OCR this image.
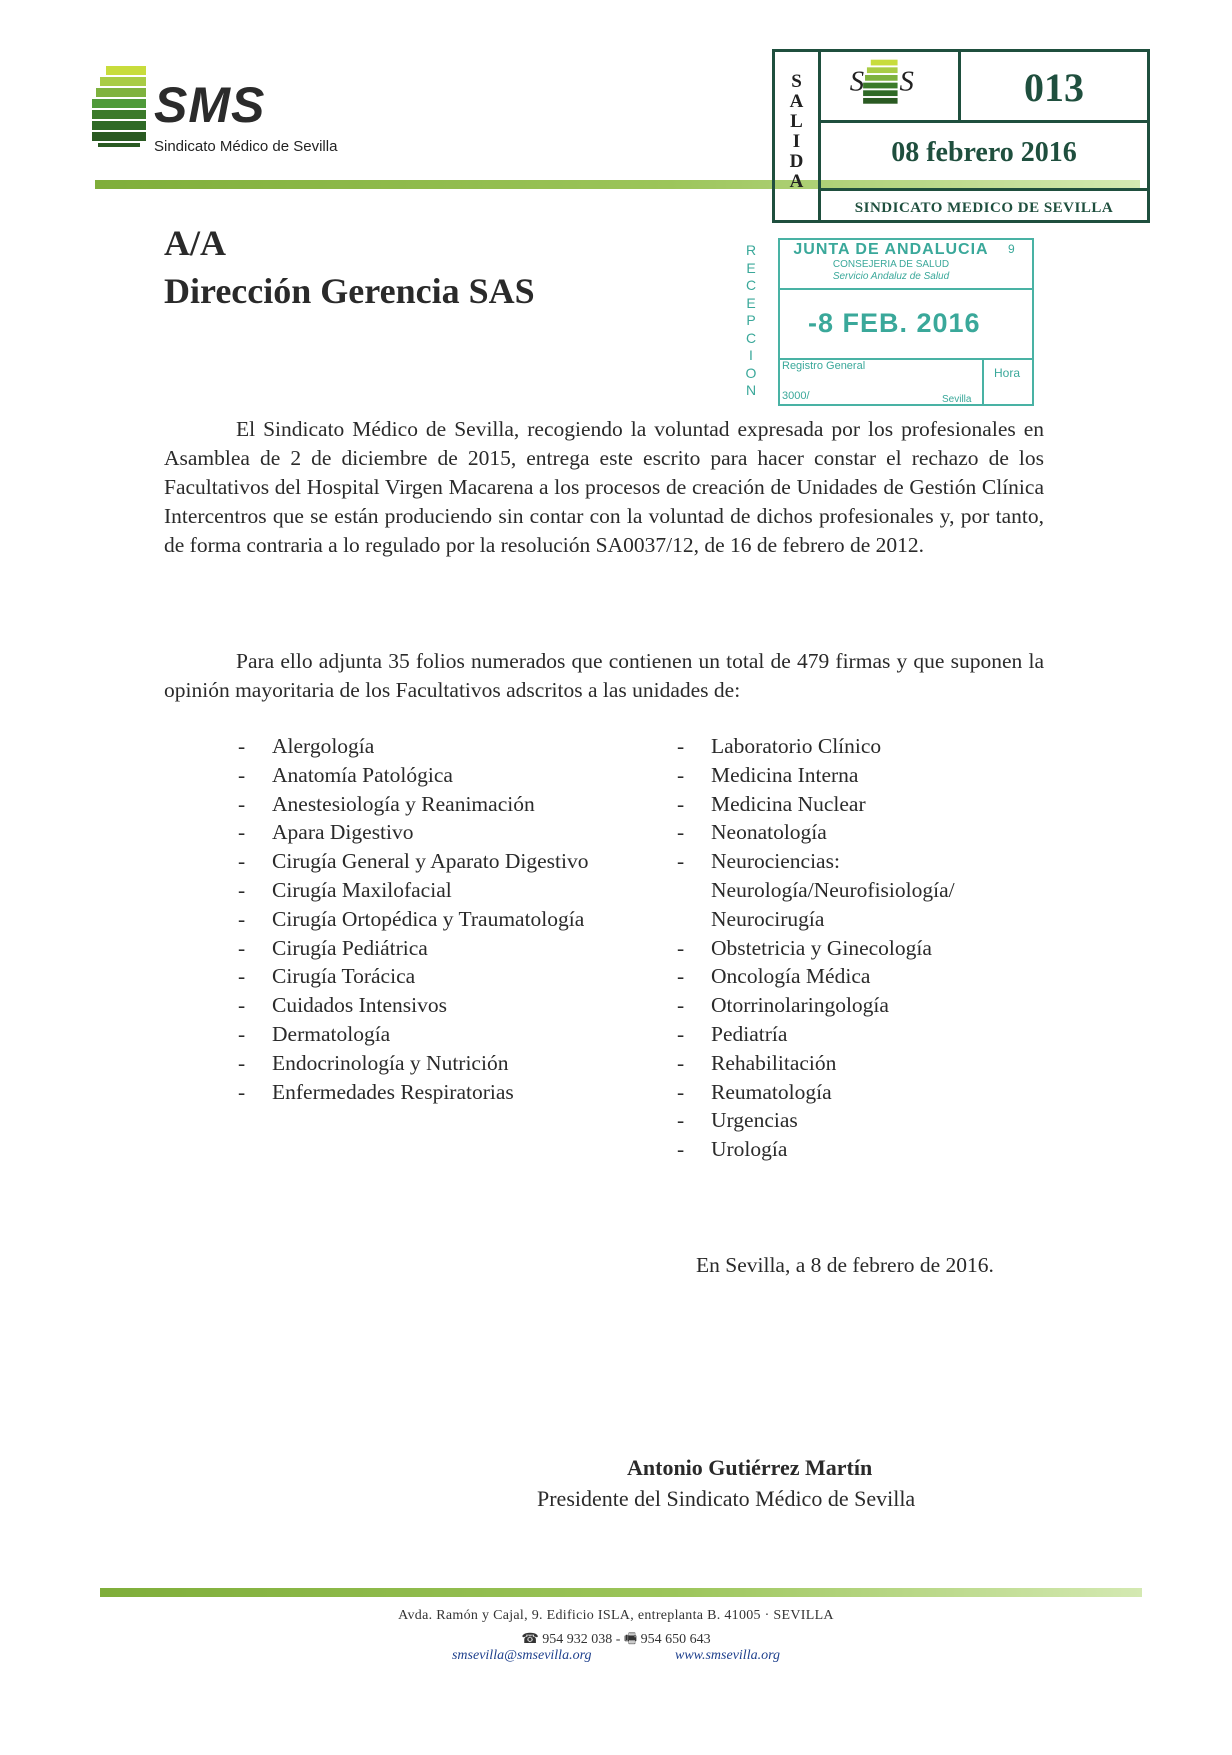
SMS
Sindicato Médico de Sevilla
S
A
L
I
D
A
S S	013
08 febrero 2016
SINDICATO MEDICO DE SEVILLA
R
E
C
E
P
C
I
O
N
JUNTA DE ANDALUCIA	9
CONSEJERIA DE SALUD
Servicio Andaluz de Salud
-8 FEB. 2016
Registro General	Hora
3000/	Sevilla
A/A
Dirección Gerencia SAS
El Sindicato Médico de Sevilla, recogiendo la voluntad expresada por los profesionales en Asamblea de 2 de diciembre de 2015, entrega este escrito para hacer constar el rechazo de los Facultativos del Hospital Virgen Macarena a los procesos de creación de Unidades de Gestión Clínica Intercentros que se están produciendo sin contar con la voluntad de dichos profesionales y, por tanto, de forma contraria a lo regulado por la resolución SA0037/12, de 16 de febrero de 2012.
Para ello adjunta 35 folios numerados que contienen un total de 479 firmas y que suponen la opinión mayoritaria de los Facultativos adscritos a las unidades de:
- Alergología
- Anatomía Patológica
- Anestesiología y Reanimación
- Apara Digestivo
- Cirugía General y Aparato Digestivo
- Cirugía Maxilofacial
- Cirugía Ortopédica y Traumatología
- Cirugía Pediátrica
- Cirugía Torácica
- Cuidados Intensivos
- Dermatología
- Endocrinología y Nutrición
- Enfermedades Respiratorias
- Laboratorio Clínico
- Medicina Interna
- Medicina Nuclear
- Neonatología
- Neurociencias: Neurología/Neurofisiología/ Neurocirugía
- Obstetricia y Ginecología
- Oncología Médica
- Otorrinolaringología
- Pediatría
- Rehabilitación
- Reumatología
- Urgencias
- Urología
En Sevilla, a 8 de febrero de 2016.
Antonio Gutiérrez Martín
Presidente del Sindicato Médico de Sevilla
Avda. Ramón y Cajal, 9. Edificio ISLA, entreplanta B. 41005 · SEVILLA
☎ 954 932 038 - 🖷 954 650 643
smsevilla@smsevilla.org	www.smsevilla.org
